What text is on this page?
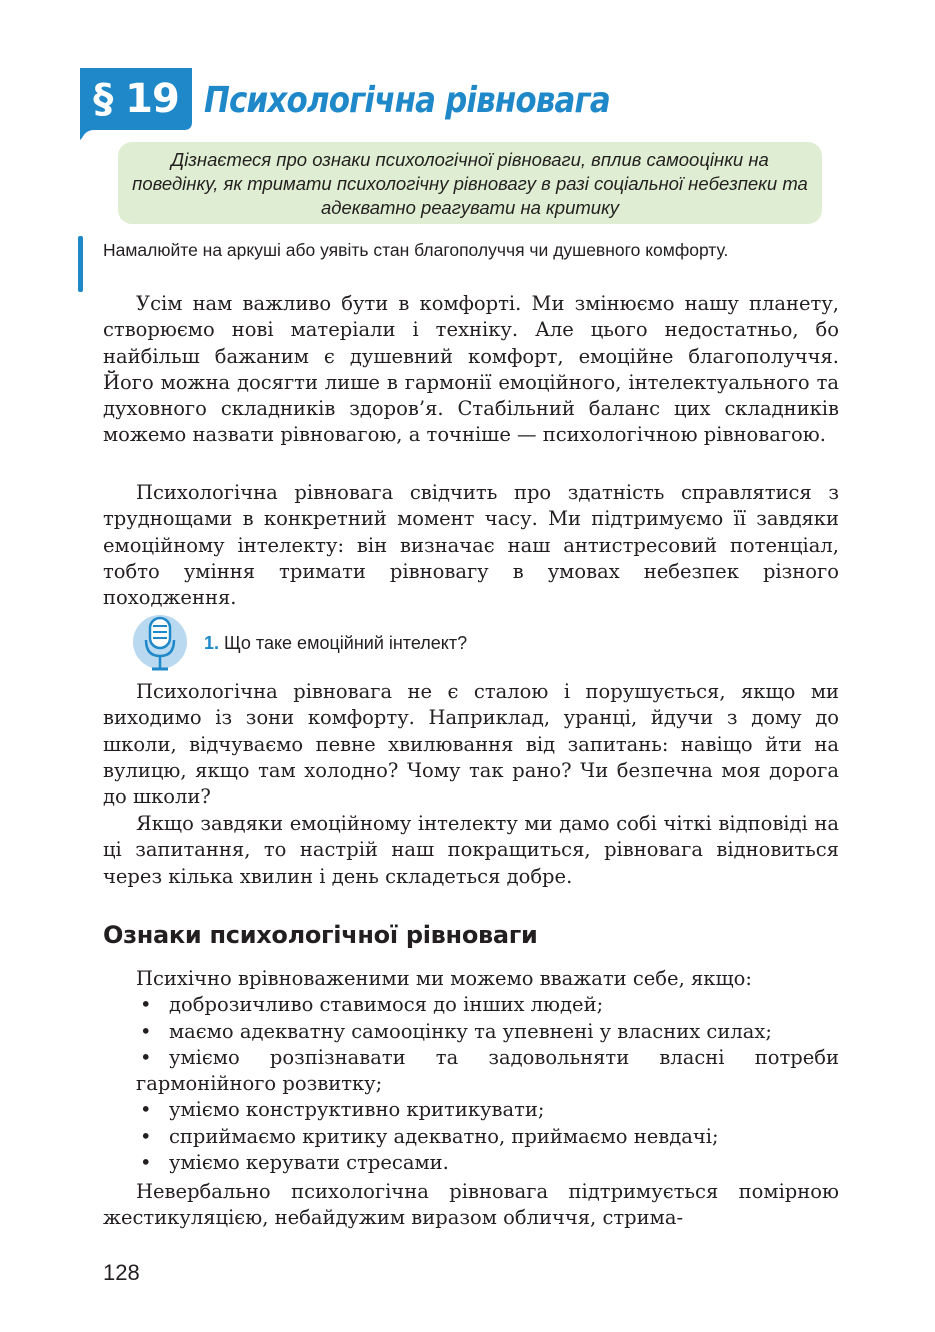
§ 19 Психологічна рівновага
Дізнаєтеся про ознаки психологічної рівноваги, вплив самооцінки на поведінку, як тримати психологічну рівновагу в разі соціальної небезпеки та адекватно реагувати на критику
Намалюйте на аркуші або уявіть стан благополуччя чи душевного комфорту.

Усім нам важливо бути в комфорті. Ми змінюємо нашу планету, створюємо нові матеріали і техніку. Але цього недостатньо, бо найбільш бажаним є душевний комфорт, емоційне благополуччя. Його можна досягти лише в гармонії емоційного, інтелектуального та духовного складників здоров’я. Стабільний баланс цих складників можемо назвати рівновагою, а точніше — психологічною рівновагою.

Психологічна рівновага свідчить про здатність справлятися з труднощами в конкретний момент часу. Ми підтримуємо її завдяки емоційному інтелекту: він визначає наш антистресовий потенціал, тобто уміння тримати рівновагу в умовах небезпек різного походження.

1. Що таке емоційний інтелект?

Психологічна рівновага не є сталою і порушується, якщо ми виходимо із зони комфорту. Наприклад, уранці, йдучи з дому до школи, відчуваємо певне хвилювання від запитань: навіщо йти на вулицю, якщо там холодно? Чому так рано? Чи безпечна моя дорога до школи?

Якщо завдяки емоційному інтелекту ми дамо собі чіткі відповіді на ці запитання, то настрій наш покращиться, рівновага відновиться через кілька хвилин і день складеться добре.

Ознаки психологічної рівноваги
Психічно врівноваженими ми можемо вважати себе, якщо:
• доброзичливо ставимося до інших людей;
• маємо адекватну самооцінку та упевнені у власних силах;
• уміємо розпізнавати та задовольняти власні потреби гармонійного розвитку;
• уміємо конструктивно критикувати;
• сприймаємо критику адекватно, приймаємо невдачі;
• уміємо керувати стресами.

Невербально психологічна рівновага підтримується помірною жестикуляцією, небайдужим виразом обличчя, стрима-

128
